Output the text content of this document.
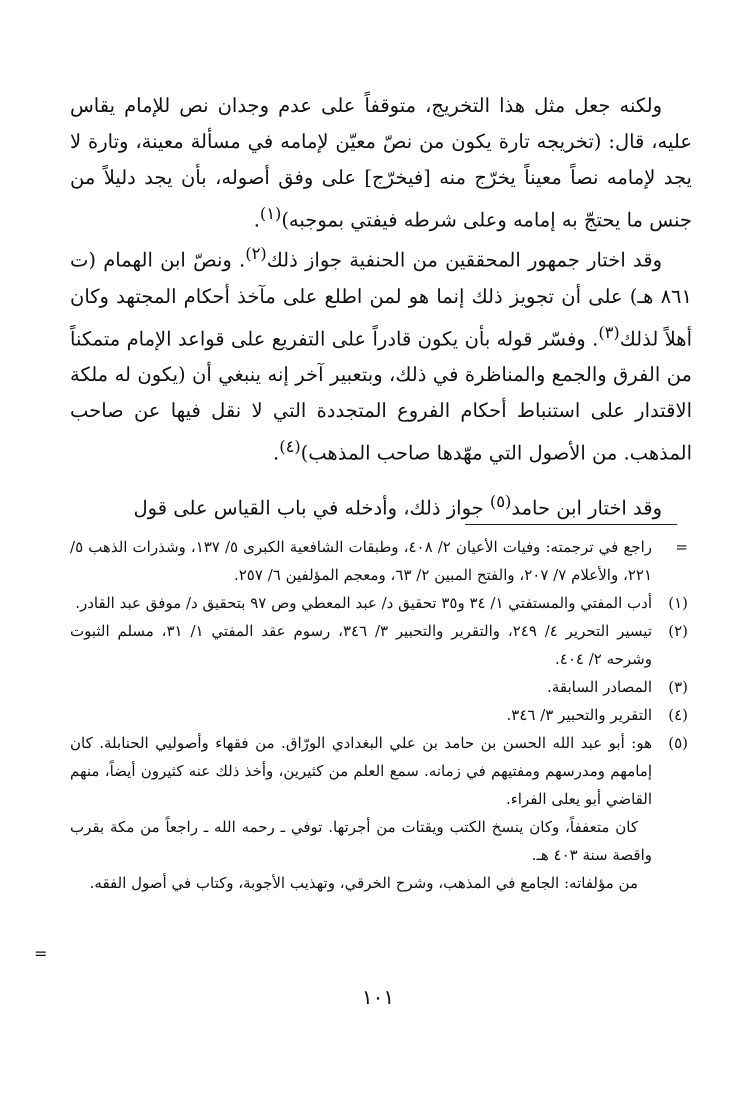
ولكنه جعل مثل هذا التخريج، متوقفاً على عدم وجدان نص للإمام يقاس عليه، قال: (تخريجه تارة يكون من نصّ معيّن لإمامه في مسألة معينة، وتارة لا يجد لإمامه نصاً معيناً يخرّج منه [فيخرّج] على وفق أصوله، بأن يجد دليلاً من جنس ما يحتجّ به إمامه وعلى شرطه فيفتي بموجبه)$^{(١)}$.

وقد اختار جمهور المحققين من الحنفية جواز ذلك$^{(٢)}$. ونصّ ابن الهمام (ت ٨٦١ هـ) على أن تجويز ذلك إنما هو لمن اطلع على مآخذ أحكام المجتهد وكان أهلاً لذلك$^{(٣)}$. وفسّر قوله بأن يكون قادراً على التفريع على قواعد الإمام متمكناً من الفرق والجمع والمناظرة في ذلك، وبتعبير آخر إنه ينبغي أن (يكون له ملكة الاقتدار على استنباط أحكام الفروع المتجددة التي لا نقل فيها عن صاحب المذهب. من الأصول التي مهّدها صاحب المذهب)$^{(٤)}$.

وقد اختار ابن حامد$^{(٥)}$ جواز ذلك، وأدخله في باب القياس على قول

=
راجع في ترجمته: وفيات الأعيان ٢/ ٤٠٨، وطبقات الشافعية الكبرى ٥/ ١٣٧، وشذرات الذهب ٥/ ٢٢١، والأعلام ٧/ ٢٠٧، والفتح المبين ٢/ ٦٣، ومعجم المؤلفين ٦/ ٢٥٧.
(١)
أدب المفتي والمستفتي ١/ ٣٤ و٣٥ تحقيق د/ عبد المعطي وص ٩٧ بتحقيق د/ موفق عبد القادر.
(٢)
تيسير التحرير ٤/ ٢٤٩، والتقرير والتحبير ٣/ ٣٤٦، رسوم عقد المفتي ١/ ٣١، مسلم الثبوت وشرحه ٢/ ٤٠٤.
(٣)
المصادر السابقة.
(٤)
التقرير والتحبير ٣/ ٣٤٦.
(٥)
هو: أبو عبد الله الحسن بن حامد بن علي البغدادي الورّاق. من فقهاء وأصوليي الحنابلة. كان إمامهم ومدرسهم ومفتيهم في زمانه. سمع العلم من كثيرين، وأخذ ذلك عنه كثيرون أيضاً، منهم القاضي أبو يعلى الفراء.
كان متعففاً، وكان ينسخ الكتب ويقتات من أجرتها. توفي ـ رحمه الله ـ راجعاً من مكة بقرب واقصة سنة ٤٠٣ هـ.
من مؤلفاته: الجامع في المذهب، وشرح الخرقي، وتهذيب الأجوبة، وكتاب في أصول الفقه.
=
١٠١
